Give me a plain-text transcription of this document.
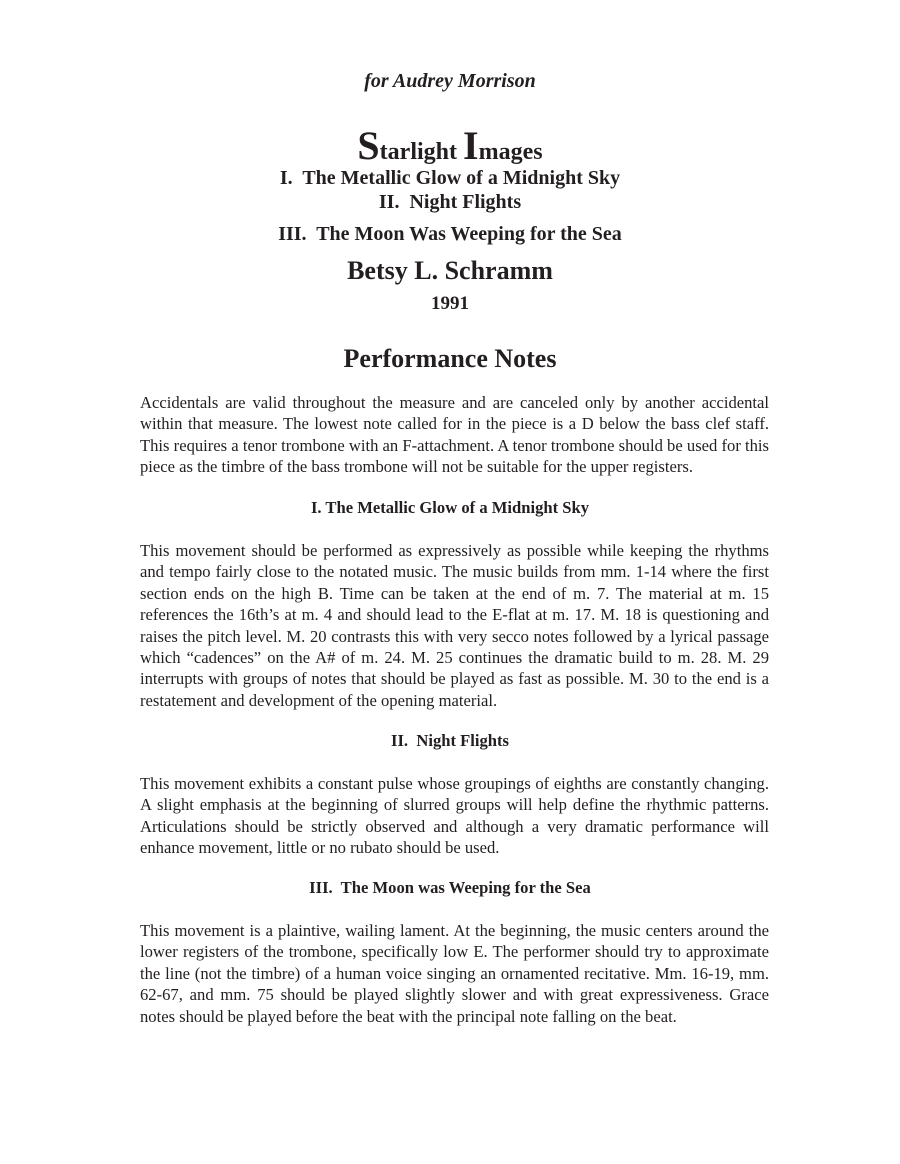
for Audrey Morrison
Starlight Images
I.  The Metallic Glow of a Midnight Sky
II.  Night Flights
III.  The Moon Was Weeping for the Sea
Betsy L. Schramm
1991
Performance Notes

Accidentals are valid throughout the measure and are canceled only by another accidental within that measure. The lowest note called for in the piece is a D below the bass clef staff. This requires a tenor trombone with an F-attachment. A tenor trombone should be used for this piece as the timbre of the bass trombone will not be suitable for the upper registers.

I. The Metallic Glow of a Midnight Sky

This movement should be performed as expressively as possible while keeping the rhythms and tempo fairly close to the notated music. The music builds from mm. 1-14 where the first section ends on the high B. Time can be taken at the end of m. 7. The material at m. 15 references the 16th’s at m. 4 and should lead to the E-flat at m. 17. M. 18 is questioning and raises the pitch level. M. 20 contrasts this with very secco notes followed by a lyrical passage which “cadences” on the A# of m. 24. M. 25 continues the dramatic build to m. 28. M. 29 interrupts with groups of notes that should be played as fast as possible. M. 30 to the end is a restatement and development of the opening material.

II.  Night Flights

This movement exhibits a constant pulse whose groupings of eighths are constantly changing. A slight emphasis at the beginning of slurred groups will help define the rhythmic patterns. Articulations should be strictly observed and although a very dramatic performance will enhance movement, little or no rubato should be used.

III.  The Moon was Weeping for the Sea

This movement is a plaintive, wailing lament. At the beginning, the music centers around the lower registers of the trombone, specifically low E. The performer should try to approximate the line (not the timbre) of a human voice singing an ornamented recitative. Mm. 16-19, mm. 62-67, and mm. 75 should be played slightly slower and with great expressiveness. Grace notes should be played before the beat with the principal note falling on the beat.
